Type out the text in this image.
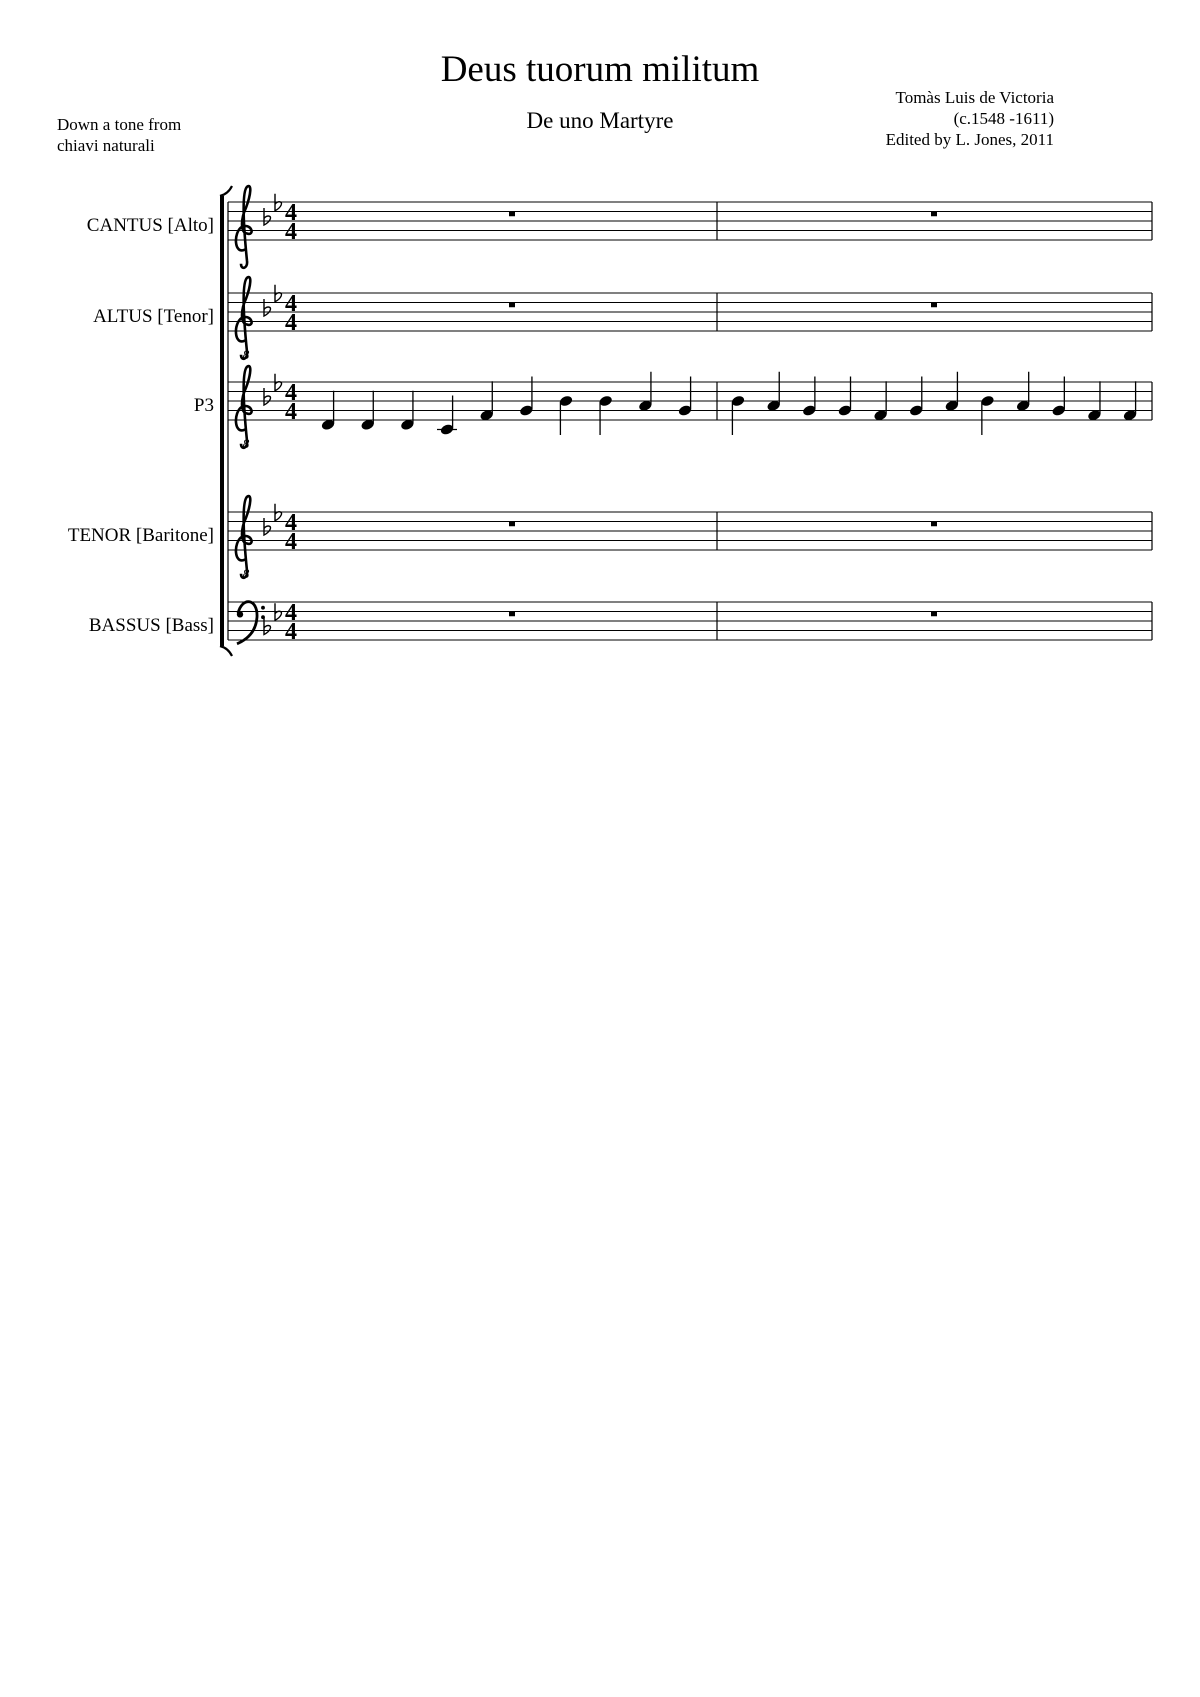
Deus tuorum militum
De uno Martyre
Down a tone from
chiavi naturali
Tomàs Luis de Victoria
(c.1548 -1611)
Edited by L. Jones, 2011
4
4
CANTUS [Alto]
8
4
4
ALTUS [Tenor]
8
4
4
P3
8
4
4
TENOR [Baritone]
4
4
BASSUS [Bass]
